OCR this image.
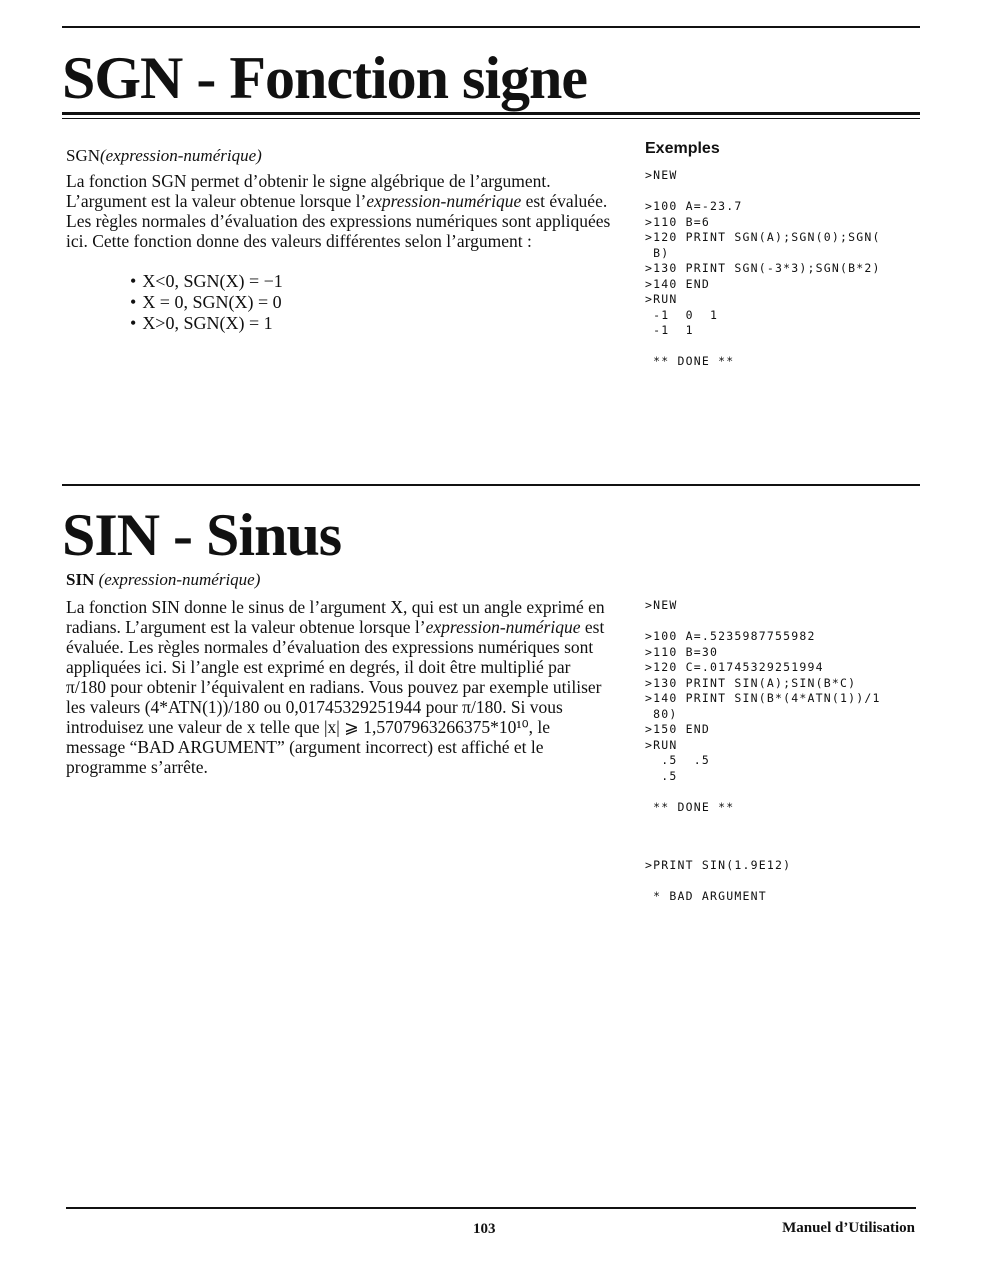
SGN - Fonction signe
SGN(expression-numérique)

La fonction SGN permet d’obtenir le signe algébrique de l’argument. L’argument est la valeur obtenue lorsque l’expression-numérique est évaluée. Les règles normales d’évaluation des expressions numériques sont appliquées ici. Cette fonction donne des valeurs différentes selon l’argument :

• X<0, SGN(X) = −1
• X = 0, SGN(X) = 0
• X>0, SGN(X) = 1
Exemples
>NEW

>100 A=-23.7
>110 B=6
>120 PRINT SGN(A);SGN(0);SGN(
B)
>130 PRINT SGN(-3*3);SGN(B*2)
>140 END
>RUN
-1  0  1
-1  1

** DONE **
SIN - Sinus
SIN (expression-numérique)

La fonction SIN donne le sinus de l’argument X, qui est un angle exprimé en radians. L’argument est la valeur obtenue lorsque l’expression-numérique est évaluée. Les règles normales d’évaluation des expressions numériques sont appliquées ici. Si l’angle est exprimé en degrés, il doit être multiplié par π/180 pour obtenir l’équivalent en radians. Vous pouvez par exemple utiliser les valeurs (4*ATN(1))/180 ou 0,01745329251944 pour π/180. Si vous introduisez une valeur de x telle que |x| ⩾ 1,5707963266375*10¹⁰, le message “BAD ARGUMENT” (argument incorrect) est affiché et le programme s’arrête.

>NEW

>100 A=.5235987755982
>110 B=30
>120 C=.01745329251994
>130 PRINT SIN(A);SIN(B*C)
>140 PRINT SIN(B*(4*ATN(1))/1
80)
>150 END
>RUN
.5  .5
.5

** DONE **
>PRINT SIN(1.9E12)

* BAD ARGUMENT
103	Manuel d’Utilisation
